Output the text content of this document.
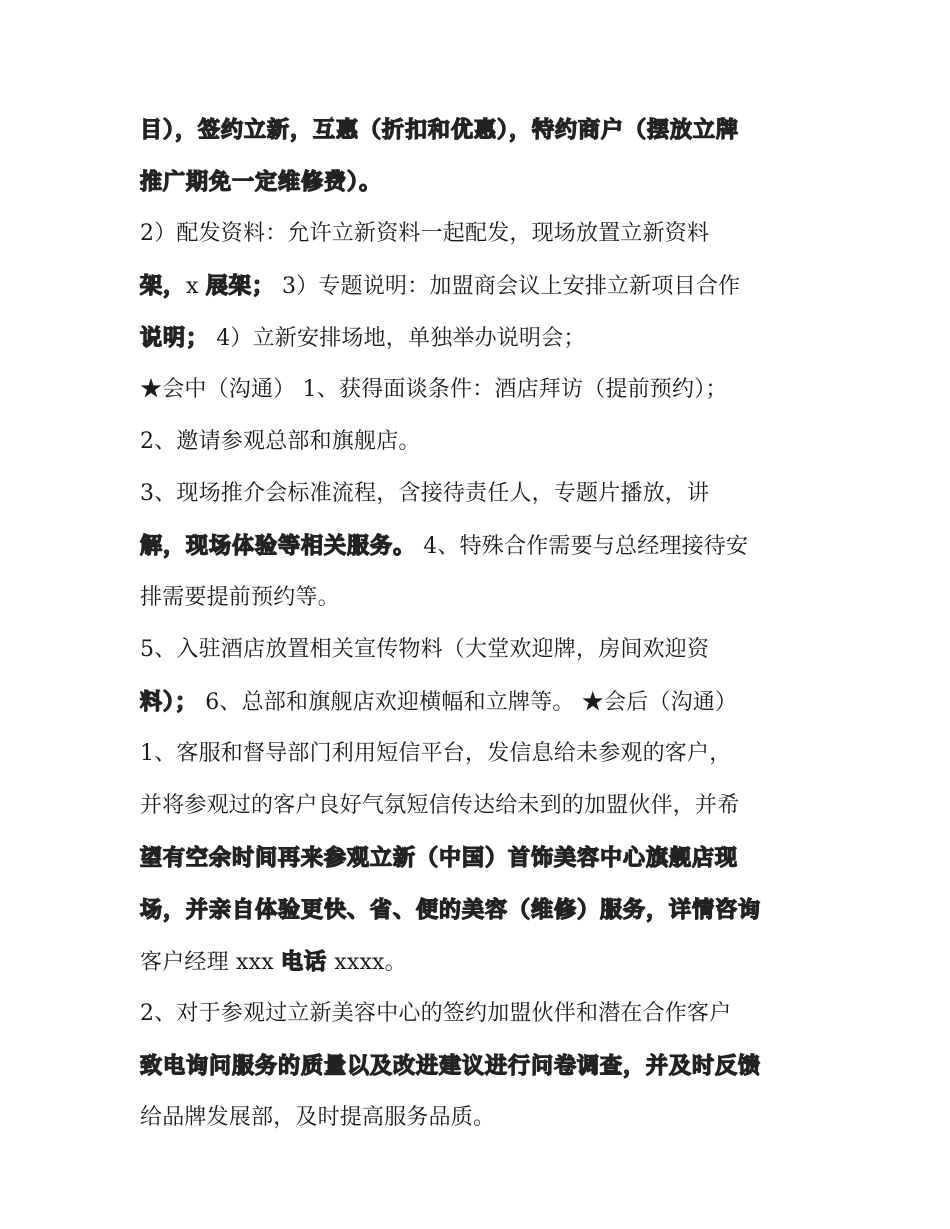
目），签约立新，互惠（折扣和优惠），特约商户（摆放立牌
推广期免一定维修费）。
2）配发资料：允许立新资料一起配发，现场放置立新资料
架，x 展架； 3）专题说明：加盟商会议上安排立新项目合作
说明； 4）立新安排场地，单独举办说明会；
★会中（沟通） 1、获得面谈条件：酒店拜访（提前预约）；
2、邀请参观总部和旗舰店。
3、现场推介会标准流程，含接待责任人，专题片播放，讲
解，现场体验等相关服务。 4、特殊合作需要与总经理接待安
排需要提前预约等。
5、入驻酒店放置相关宣传物料（大堂欢迎牌，房间欢迎资
料）； 6、总部和旗舰店欢迎横幅和立牌等。 ★会后（沟通）
1、客服和督导部门利用短信平台，发信息给未参观的客户，
并将参观过的客户良好气氛短信传达给未到的加盟伙伴，并希
望有空余时间再来参观立新（中国）首饰美容中心旗舰店现
场，并亲自体验更快、省、便的美容（维修）服务，详情咨询
客户经理 xxx 电话 xxxx。
2、对于参观过立新美容中心的签约加盟伙伴和潜在合作客户
致电询问服务的质量以及改进建议进行问卷调查，并及时反馈
给品牌发展部，及时提高服务品质。
